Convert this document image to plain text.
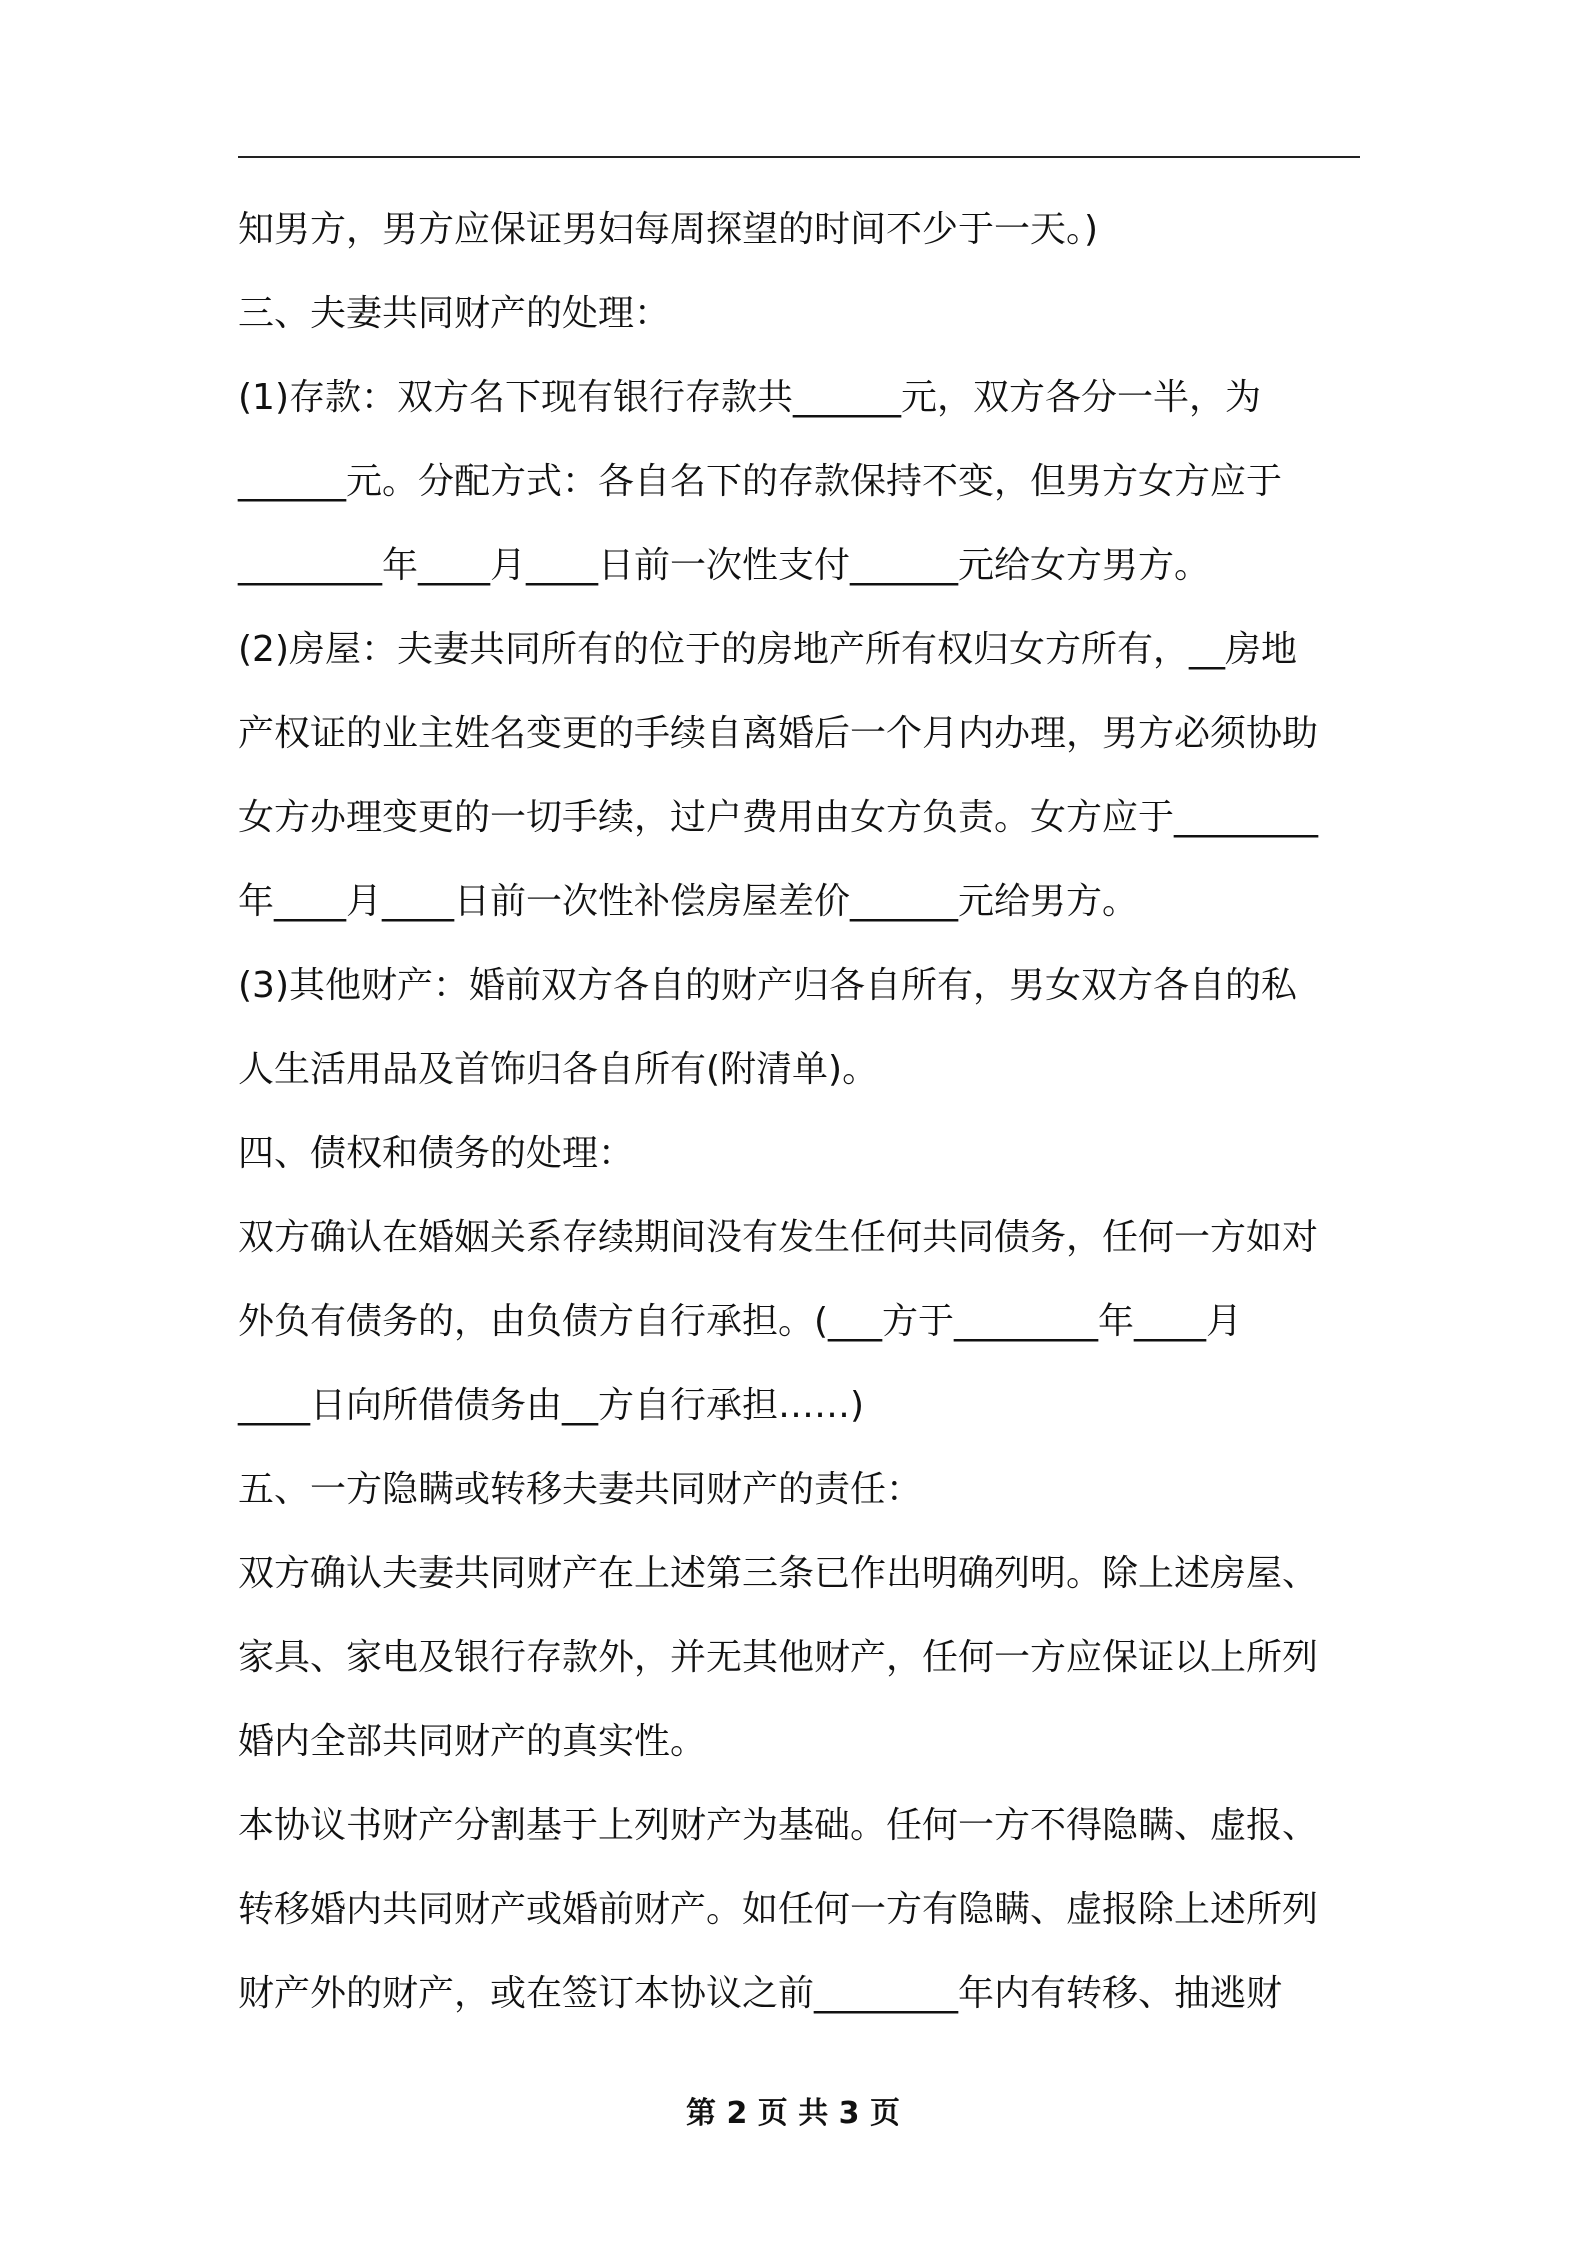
知男方，男方应保证男妇每周探望的时间不少于一天。)
三、夫妻共同财产的处理：
(1)存款：双方名下现有银行存款共______元，双方各分一半，为
______元。分配方式：各自名下的存款保持不变，但男方女方应于
________年____月____日前一次性支付______元给女方男方。
(2)房屋：夫妻共同所有的位于的房地产所有权归女方所有，__房地
产权证的业主姓名变更的手续自离婚后一个月内办理，男方必须协助
女方办理变更的一切手续，过户费用由女方负责。女方应于________
年____月____日前一次性补偿房屋差价______元给男方。
(3)其他财产：婚前双方各自的财产归各自所有，男女双方各自的私
人生活用品及首饰归各自所有(附清单)。
四、债权和债务的处理：
双方确认在婚姻关系存续期间没有发生任何共同债务，任何一方如对
外负有债务的，由负债方自行承担。(___方于________年____月
____日向所借债务由__方自行承担……)
五、一方隐瞒或转移夫妻共同财产的责任：
双方确认夫妻共同财产在上述第三条已作出明确列明。除上述房屋、
家具、家电及银行存款外，并无其他财产，任何一方应保证以上所列
婚内全部共同财产的真实性。
本协议书财产分割基于上列财产为基础。任何一方不得隐瞒、虚报、
转移婚内共同财产或婚前财产。如任何一方有隐瞒、虚报除上述所列
财产外的财产，或在签订本协议之前________年内有转移、抽逃财
第 2 页 共 3 页
